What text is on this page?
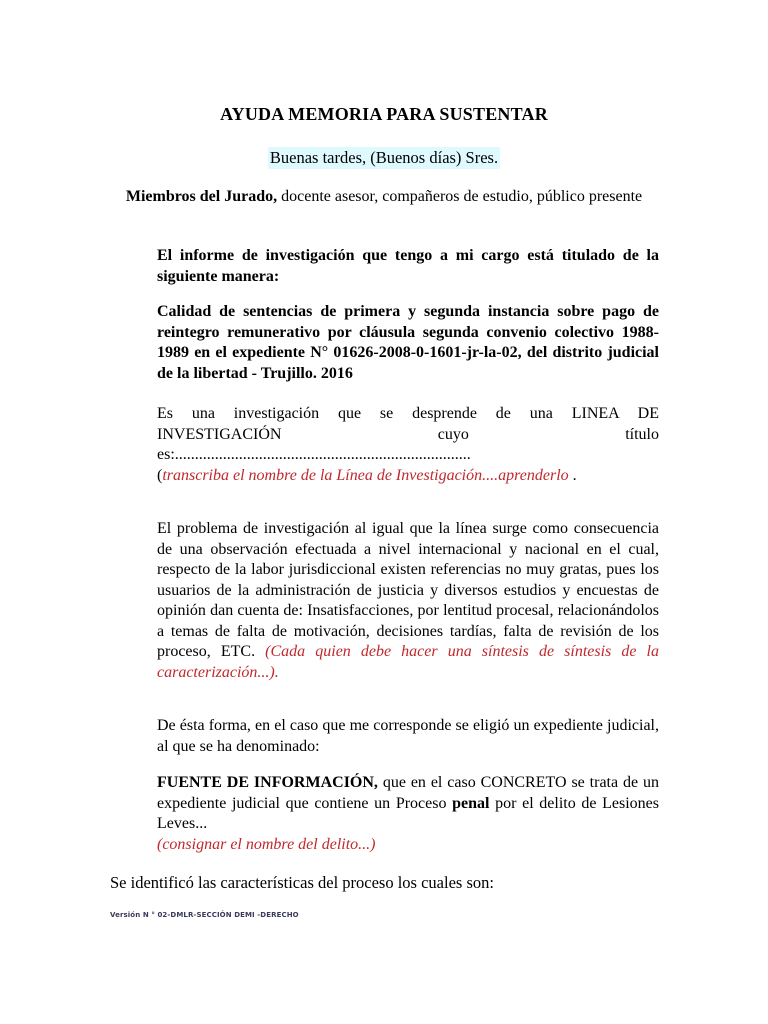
AYUDA MEMORIA PARA SUSTENTAR
Buenas tardes, (Buenos días) Sres.
Miembros del Jurado, docente asesor, compañeros de estudio, público presente
El informe de investigación que tengo a mi cargo está titulado de la siguiente manera:
Calidad de sentencias de primera y segunda instancia sobre pago de reintegro remunerativo por cláusula segunda convenio colectivo 1988-1989 en el expediente N° 01626-2008-0-1601-jr-la-02, del distrito judicial de la libertad - Trujillo. 2016
Es una investigación que se desprende de una LINEA DE
INVESTIGACIÓN	cuyo	título
es:..........................................................................
(transcriba el nombre de la Línea de Investigación....aprenderlo .
El problema de investigación al igual que la línea surge como consecuencia de una observación efectuada a nivel internacional y nacional en el cual, respecto de la labor jurisdiccional existen referencias no muy gratas, pues los usuarios de la administración de justicia y diversos estudios y encuestas de opinión dan cuenta de: Insatisfacciones, por lentitud procesal, relacionándolos a temas de falta de motivación, decisiones tardías, falta de revisión de los proceso, ETC. (Cada quien debe hacer una síntesis de síntesis de la caracterización...).
De ésta forma, en el caso que me corresponde se eligió un expediente judicial, al que se ha denominado:
FUENTE DE INFORMACIÓN, que en el caso CONCRETO se trata de un expediente judicial que contiene un Proceso penal por el delito de Lesiones Leves...
(consignar el nombre del delito...)
Se identificó las características del proceso los cuales son:
Versión N ° 02-DMLR-SECCIÓN DEMI -DERECHO
